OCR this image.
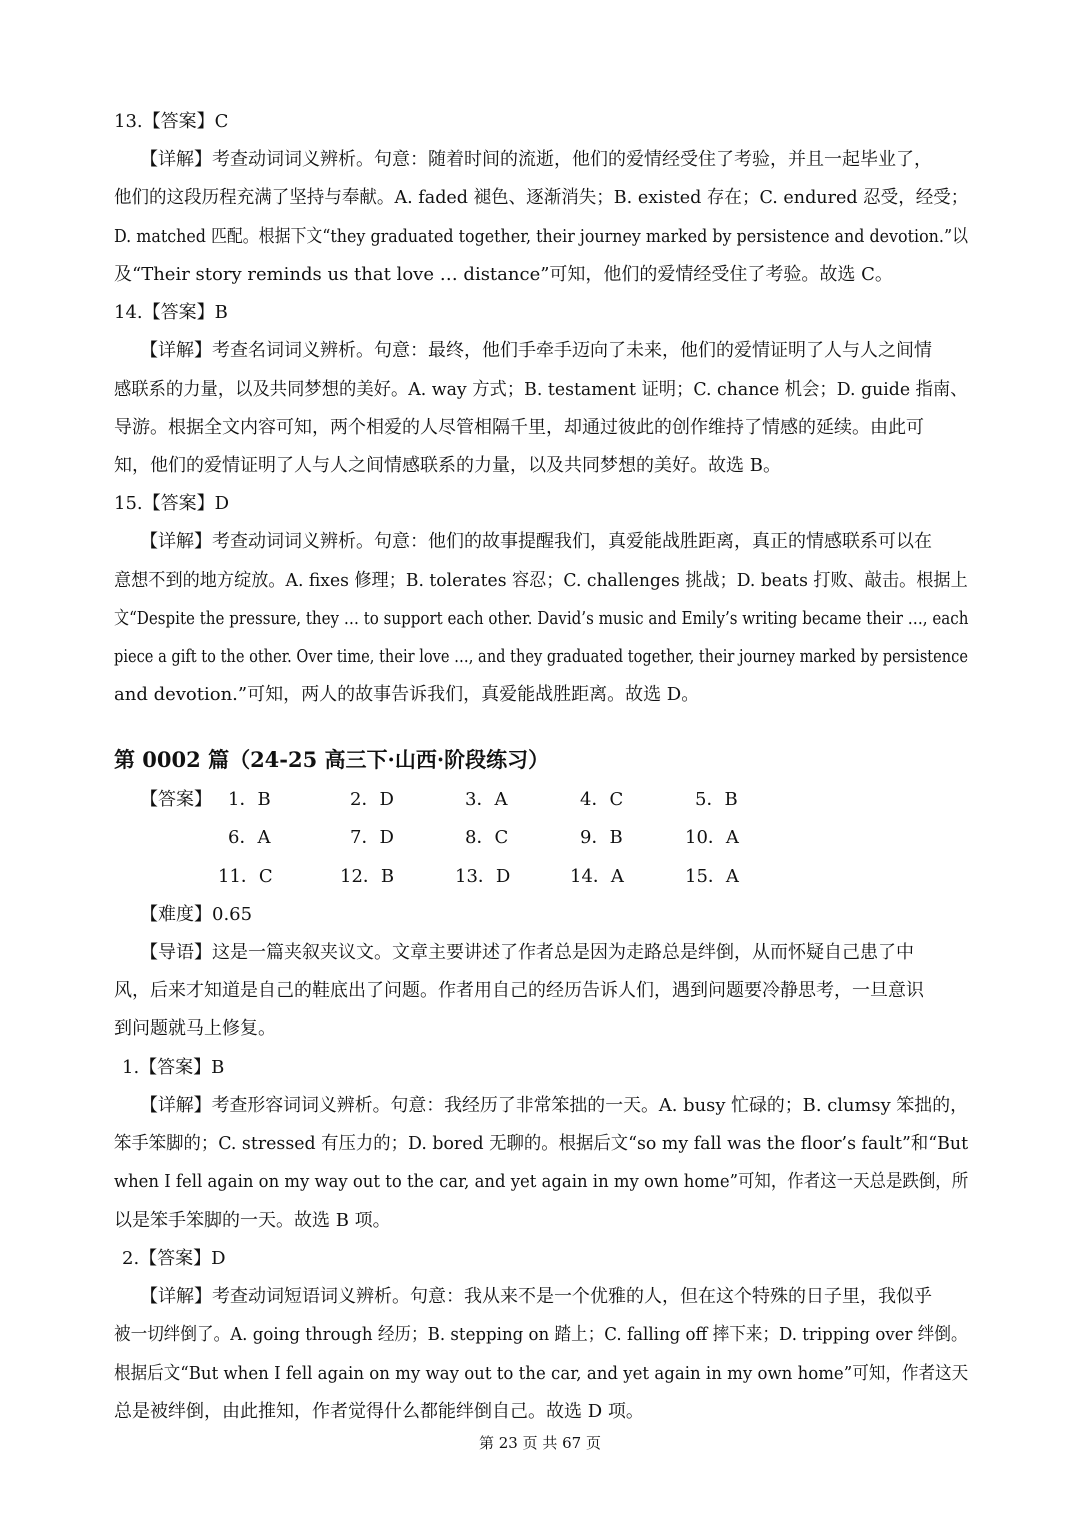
13.【答案】C
【详解】考查动词词义辨析。句意：随着时间的流逝，他们的爱情经受住了考验，并且一起毕业了，
他们的这段历程充满了坚持与奉献。A. faded 褪色、逐渐消失；B. existed 存在；C. endured 忍受，经受；
D. matched 匹配。根据下文“they graduated together, their journey marked by persistence and devotion.”以
及“Their story reminds us that love … distance”可知，他们的爱情经受住了考验。故选 C。
14.【答案】B
【详解】考查名词词义辨析。句意：最终，他们手牵手迈向了未来，他们的爱情证明了人与人之间情
感联系的力量，以及共同梦想的美好。A. way 方式；B. testament 证明；C. chance 机会；D. guide 指南、
导游。根据全文内容可知，两个相爱的人尽管相隔千里，却通过彼此的创作维持了情感的延续。由此可
知，他们的爱情证明了人与人之间情感联系的力量，以及共同梦想的美好。故选 B。
15.【答案】D
【详解】考查动词词义辨析。句意：他们的故事提醒我们，真爱能战胜距离，真正的情感联系可以在
意想不到的地方绽放。A. fixes 修理；B. tolerates 容忍；C. challenges 挑战；D. beats 打败、敲击。根据上
文“Despite the pressure, they … to support each other. David’s music and Emily’s writing became their …, each
piece a gift to the other. Over time, their love …, and they graduated together, their journey marked by persistence
and devotion.”可知，两人的故事告诉我们，真爱能战胜距离。故选 D。
第 0002 篇（24-25 高三下·山西·阶段练习）
【答案】 1．B	2．D	3．A	4．C	5．B
6．A	7．D	8．C	9．B	10．A
11．C	12．B	13．D	14．A	15．A
【难度】0.65
【导语】这是一篇夹叙夹议文。文章主要讲述了作者总是因为走路总是绊倒，从而怀疑自己患了中
风，后来才知道是自己的鞋底出了问题。作者用自己的经历告诉人们，遇到问题要冷静思考，一旦意识
到问题就马上修复。
1.【答案】B
【详解】考查形容词词义辨析。句意：我经历了非常笨拙的一天。A. busy 忙碌的；B. clumsy 笨拙的，
笨手笨脚的；C. stressed 有压力的；D. bored 无聊的。根据后文“so my fall was the floor’s fault”和“But
when I fell again on my way out to the car, and yet again in my own home”可知，作者这一天总是跌倒，所
以是笨手笨脚的一天。故选 B 项。
2.【答案】D
【详解】考查动词短语词义辨析。句意：我从来不是一个优雅的人，但在这个特殊的日子里，我似乎
被一切绊倒了。A. going through 经历；B. stepping on 踏上；C. falling off 摔下来；D. tripping over 绊倒。
根据后文“But when I fell again on my way out to the car, and yet again in my own home”可知，作者这天
总是被绊倒，由此推知，作者觉得什么都能绊倒自己。故选 D 项。
第 23 页 共 67 页
